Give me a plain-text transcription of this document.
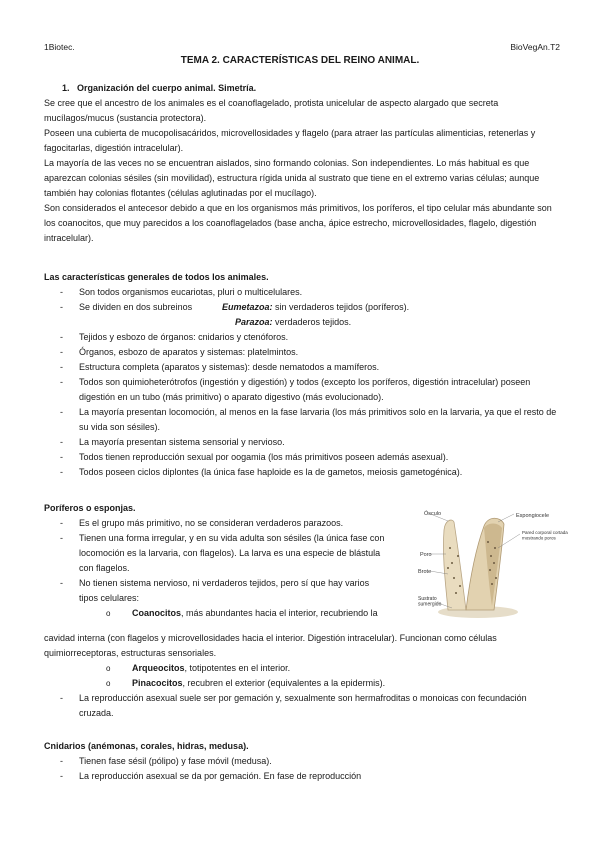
1Biotec.	BioVegAn.T2
TEMA 2. CARACTERÍSTICAS DEL REINO ANIMAL.

1. Organización del cuerpo animal. Simetría.

Se cree que el ancestro de los animales es el coanoflagelado, protista unicelular de aspecto alargado que secreta mucílagos/mucus (sustancia protectora).

Poseen una cubierta de mucopolisacáridos, microvellosidades y flagelo (para atraer las partículas alimenticias, retenerlas y fagocitarlas, digestión intracelular).

La mayoría de las veces no se encuentran aislados, sino formando colonias. Son independientes. Lo más habitual es que aparezcan colonias sésiles (sin movilidad), estructura rígida unida al sustrato que tiene en el extremo varias células; aunque también hay colonias flotantes (células aglutinadas por el mucílago).

Son considerados el antecesor debido a que en los organismos más primitivos, los poríferos, el tipo celular más abundante son los coanocitos, que muy parecidos a los coanoflagelados (base ancha, ápice estrecho, microvellosidades, flagelo, digestión intracelular).

Las características generales de todos los animales.

- Son todos organismos eucariotas, pluri o multicelulares.

- Se dividen en dos subreinos	Eumetazoa: sin verdaderos tejidos (poríferos).

Parazoa: verdaderos tejidos.

- Tejidos y esbozo de órganos: cnidarios y ctenóforos.

- Órganos, esbozo de aparatos y sistemas: platelmintos.

- Estructura completa (aparatos y sistemas): desde nematodos a mamíferos.

- Todos son quimioheterótrofos (ingestión y digestión) y todos (excepto los poríferos, digestión intracelular) poseen digestión en un tubo (más primitivo) o aparato digestivo (más evolucionado).

- La mayoría presentan locomoción, al menos en la fase larvaria (los más primitivos solo en la larvaria, ya que el resto de su vida son sésiles).

- La mayoría presentan sistema sensorial y nervioso.

- Todos tienen reproducción sexual por oogamia (los más primitivos poseen además asexual).

- Todos poseen ciclos diplontes (la única fase haploide es la de gametos, meiosis gametogénica).

Poríferos o esponjas.

- Es el grupo más primitivo, no se consideran verdaderos parazoos.

- Tienen una forma irregular, y en su vida adulta son sésiles (la única fase con locomoción es la larvaria, con flagelos). La larva es una especie de blástula con flagelos.

- No tienen sistema nervioso, ni verdaderos tejidos, pero sí que hay varios tipos celulares:

o Coanocitos, más abundantes hacia el interior, recubriendo la

cavidad interna (con flagelos y microvellosidades hacia el interior. Digestión intracelular). Funcionan como células quimiorreceptoras, estructuras sensoriales.

o Arqueocitos, totipotentes en el interior.

o Pinacocitos, recubren el exterior (equivalentes a la epidermis).

- La reproducción asexual suele ser por gemación y, sexualmente son hermafroditas o monoicas con fecundación cruzada.

Ósculo	Espongiocele
Pared corporal cortada mostrando poros
Poro
Brote
Sustrato sumergido

Cnidarios (anémonas, corales, hidras, medusa).

- Tienen fase sésil (pólipo) y fase móvil (medusa).

- La reproducción asexual se da por gemación. En fase de reproducción
